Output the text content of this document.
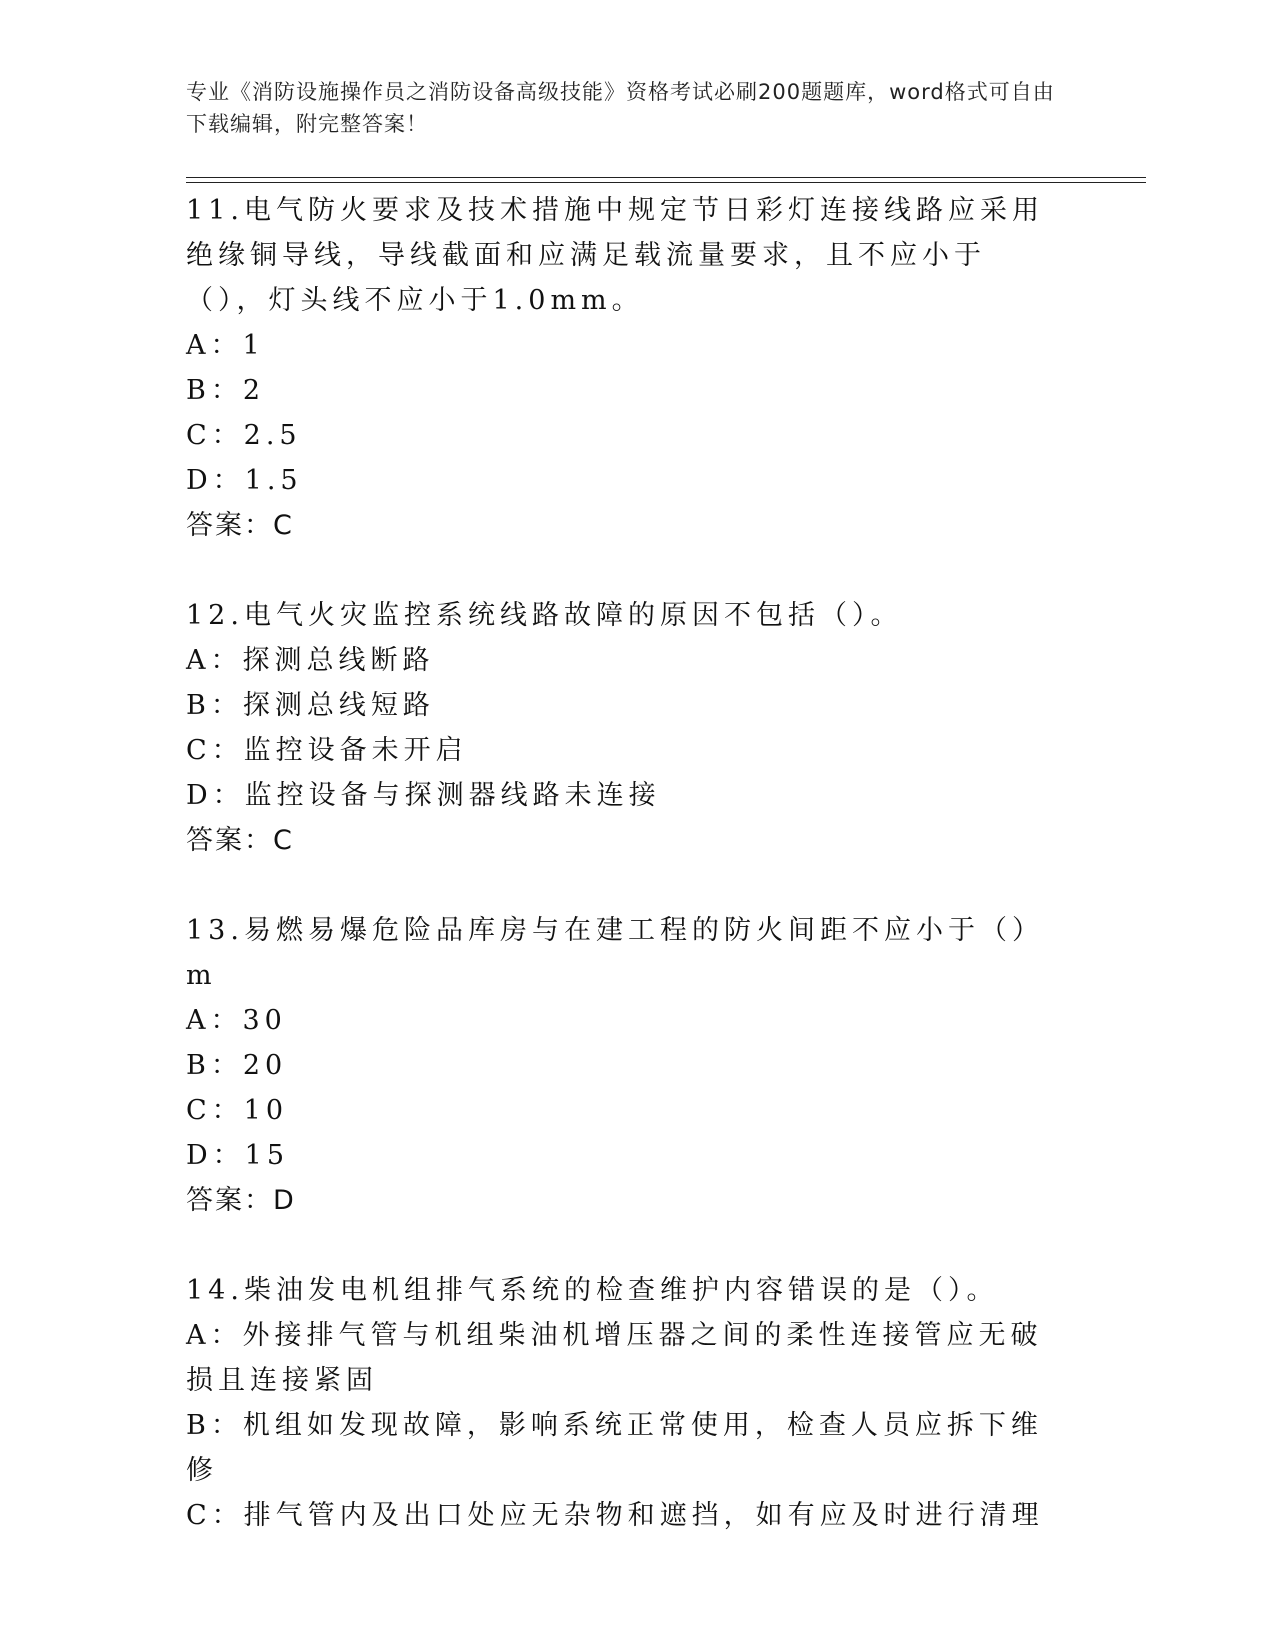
专业《消防设施操作员之消防设备高级技能》资格考试必刷200题题库，word格式可自由下载编辑，附完整答案！
11.电气防火要求及技术措施中规定节日彩灯连接线路应采用绝缘铜导线，导线截面和应满足载流量要求，且不应小于（），灯头线不应小于1.0mm。
A：1
B：2
C：2.5
D：1.5
答案：C
12.电气火灾监控系统线路故障的原因不包括（）。
A：探测总线断路
B：探测总线短路
C：监控设备未开启
D：监控设备与探测器线路未连接
答案：C
13.易燃易爆危险品库房与在建工程的防火间距不应小于（）m
A：30
B：20
C：10
D：15
答案：D
14.柴油发电机组排气系统的检查维护内容错误的是（）。
A：外接排气管与机组柴油机增压器之间的柔性连接管应无破损且连接紧固
B：机组如发现故障，影响系统正常使用，检查人员应拆下维修
C：排气管内及出口处应无杂物和遮挡，如有应及时进行清理
